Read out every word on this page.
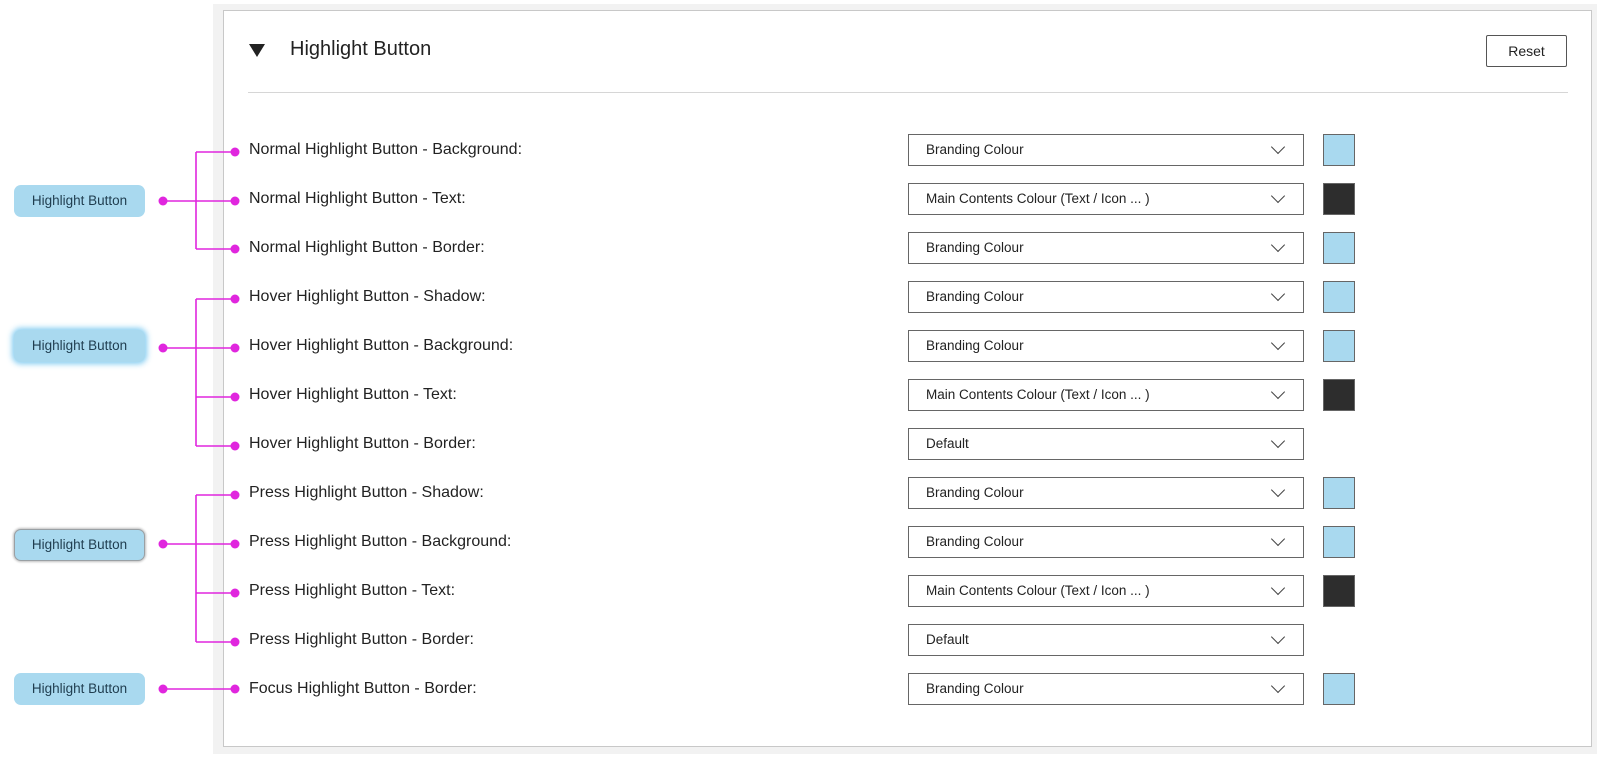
Highlight Button	Reset
Highlight Button
Highlight Button
Highlight Button
Highlight Button
Normal Highlight Button - Background:	Branding Colour
Normal Highlight Button - Text:	Main Contents Colour (Text / Icon ... )
Normal Highlight Button - Border:	Branding Colour
Hover Highlight Button - Shadow:	Branding Colour
Hover Highlight Button - Background:	Branding Colour
Hover Highlight Button - Text:	Main Contents Colour (Text / Icon ... )
Hover Highlight Button - Border:	Default
Press Highlight Button - Shadow:	Branding Colour
Press Highlight Button - Background:	Branding Colour
Press Highlight Button - Text:	Main Contents Colour (Text / Icon ... )
Press Highlight Button - Border:	Default
Focus Highlight Button - Border:	Branding Colour
